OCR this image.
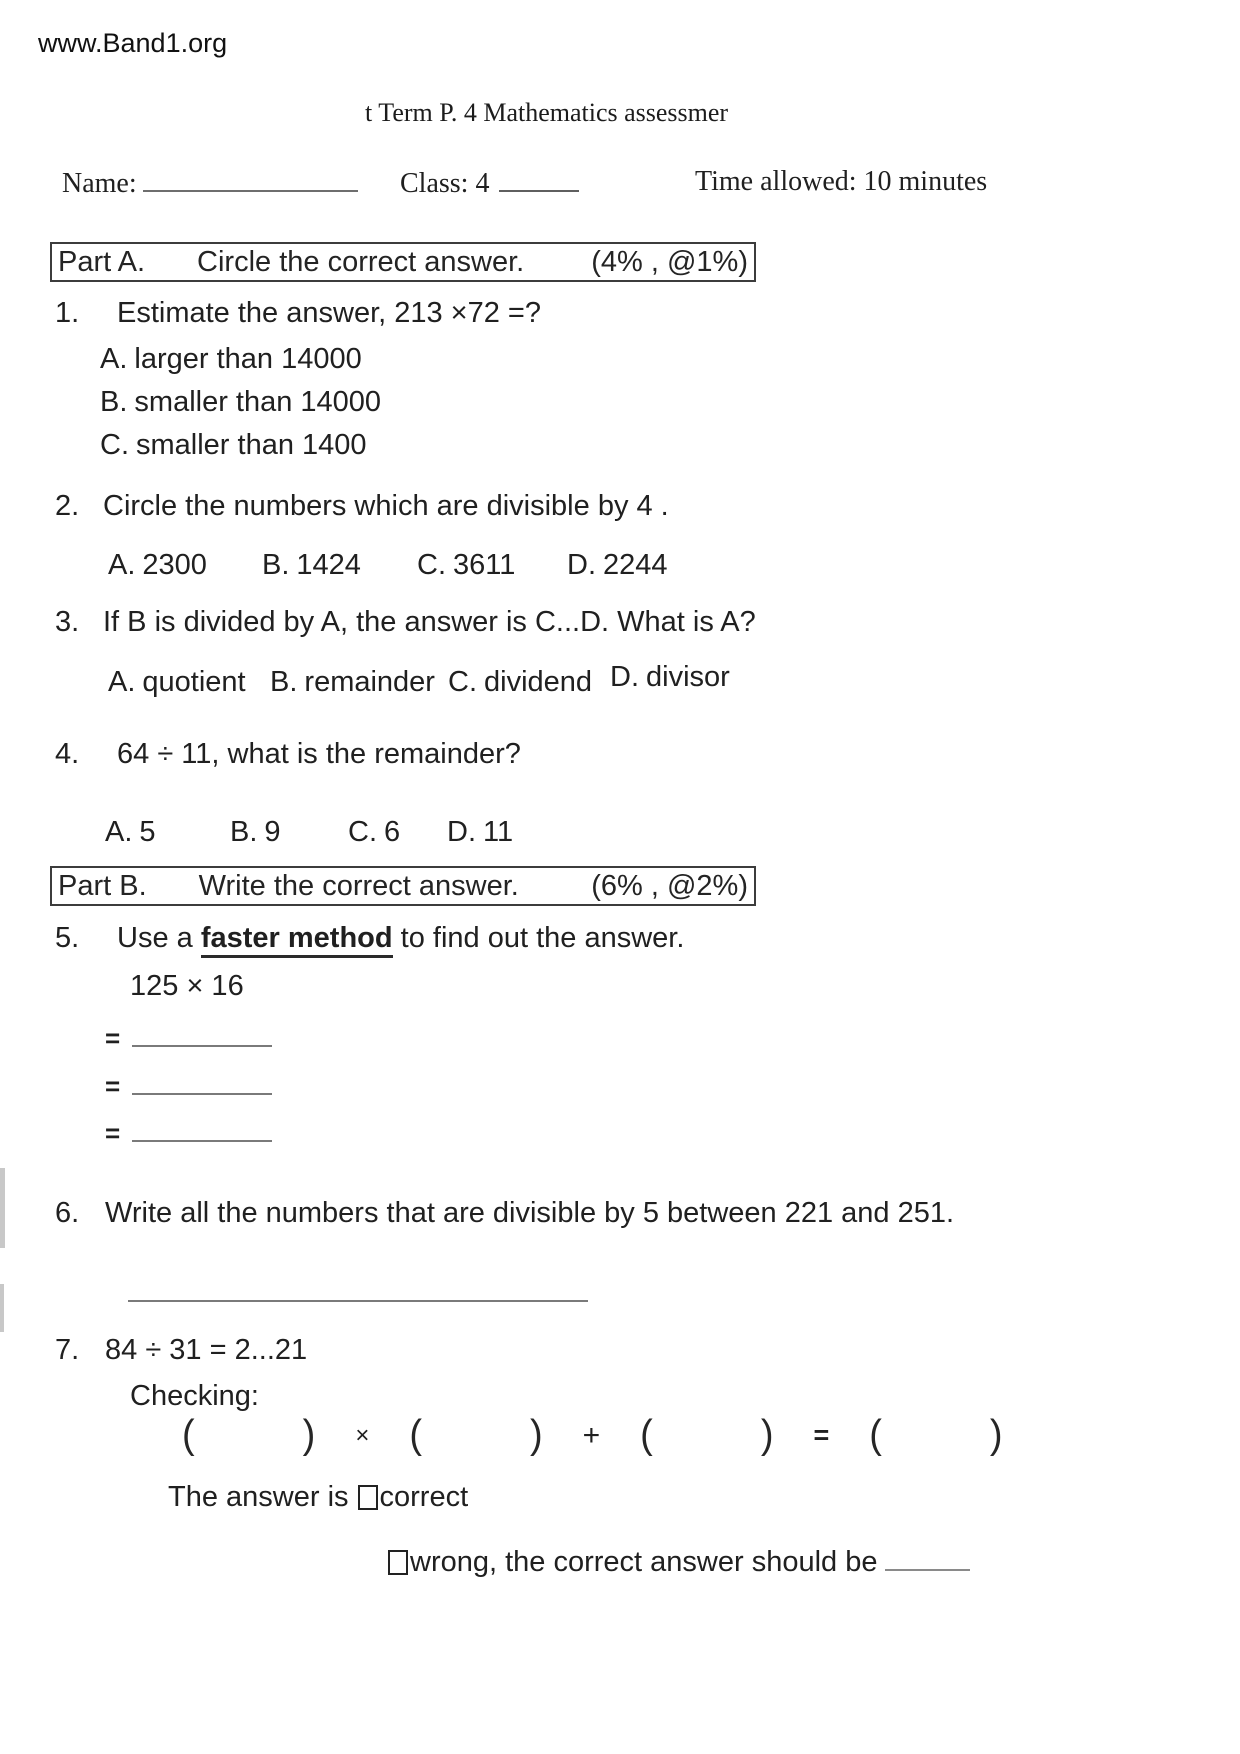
www.Band1.org
t Term P. 4 Mathematics assessmer
Name:	Class: 4	Time allowed: 10 minutes
Part A. Circle the correct answer. (4% , @1%)
1. Estimate the answer, 213 ×72 =?
A. larger than 14000
B. smaller than 14000
C. smaller than 1400
2. Circle the numbers which are divisible by 4 .
A. 2300 B. 1424 C. 3611 D. 2244
3. If B is divided by A, the answer is C...D. What is A?
A. quotient B. remainder C. dividend D. divisor
4. 64 ÷ 11, what is the remainder?
A. 5	B. 9 C. 6 D. 11
Part B. Write the correct answer. (6% , @2%)
5. Use a faster method to find out the answer.
125 × 16
=
=
=
6. Write all the numbers that are divisible by 5 between 221 and 251.
7. 84 ÷ 31 = 2...21
Checking:
(	) × (	) + (	) = (	)
The answer is correct
wrong, the correct answer should be
